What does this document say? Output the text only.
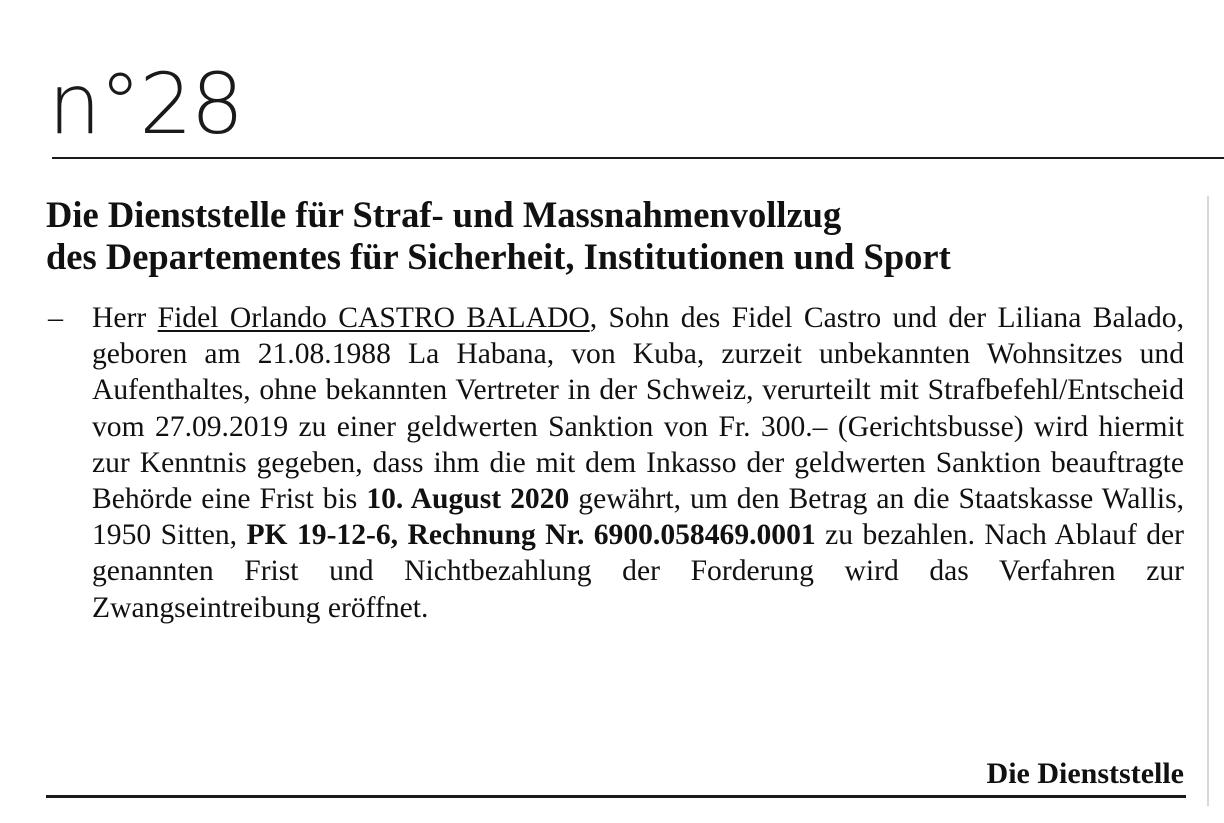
n°28
Die Dienststelle für Straf- und Massnahmenvollzug
des Departementes für Sicherheit, Institutionen und Sport
– Herr Fidel Orlando CASTRO BALADO, Sohn des Fidel Castro und der Liliana Balado, geboren am 21.08.1988 La Habana, von Kuba, zurzeit unbekannten Wohnsitzes und Aufenthaltes, ohne bekannten Vertreter in der Schweiz, verurteilt mit Strafbefehl/Entscheid vom 27.09.2019 zu einer geldwerten Sanktion von Fr. 300.– (Gerichtsbusse) wird hiermit zur Kenntnis gegeben, dass ihm die mit dem Inkasso der geldwerten Sanktion beauftragte Behörde eine Frist bis 10. August 2020 gewährt, um den Betrag an die Staatskasse Wallis, 1950 Sitten, PK 19-12-6, Rechnung Nr. 6900.058469.0001 zu bezahlen. Nach Ablauf der genannten Frist und Nichtbezahlung der Forderung wird das Verfahren zur Zwangseintreibung eröffnet.

Die Dienststelle
